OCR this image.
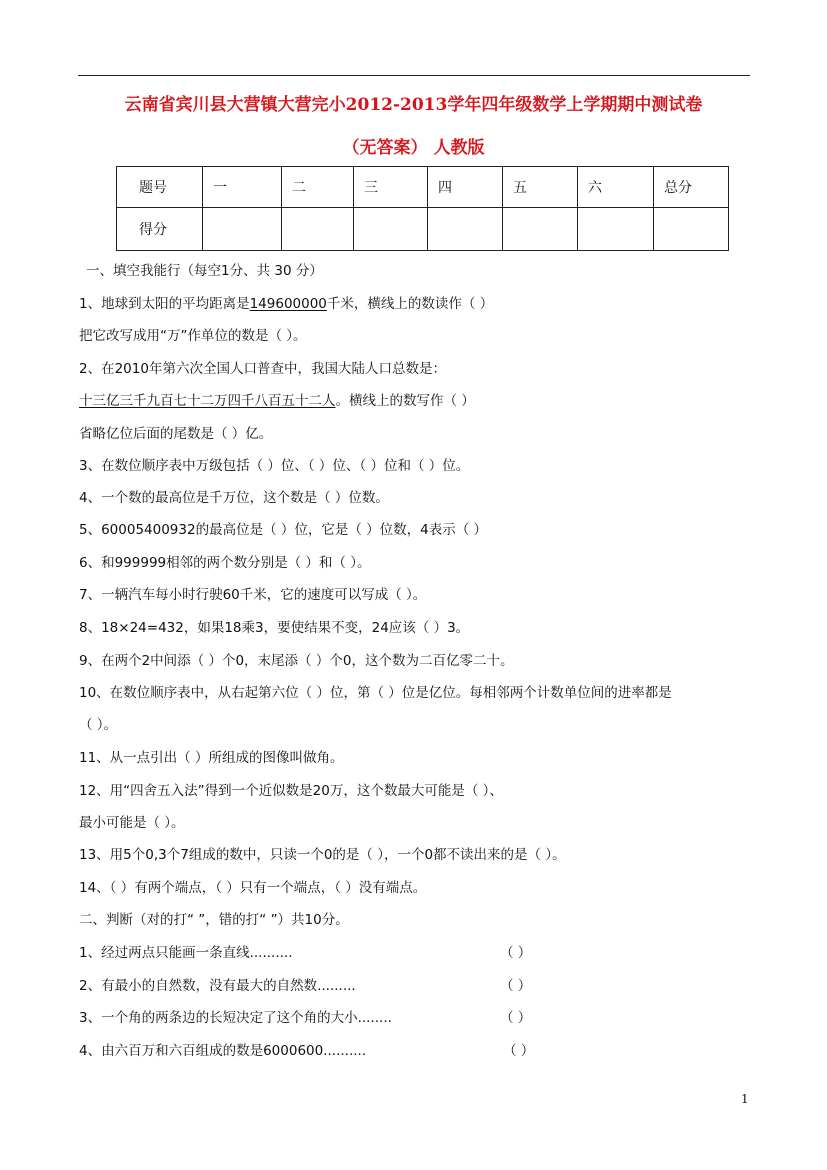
云南省宾川县大营镇大营完小2012-2013学年四年级数学上学期期中测试卷
（无答案） 人教版
题号	一	二	三	四	五	六	总分
得分							
一、填空我能行（每空1分、共 30 分）
1、地球到太阳的平均距离是149600000千米，横线上的数读作（ ）
把它改写成用“万”作单位的数是（ ）。
2、在2010年第六次全国人口普查中，我国大陆人口总数是：
十三亿三千九百七十二万四千八百五十二人。横线上的数写作（ ）
省略亿位后面的尾数是（ ）亿。
3、在数位顺序表中万级包括（ ）位、（ ）位、（ ）位和（ ）位。
4、一个数的最高位是千万位，这个数是（ ）位数。
5、6000540093​2的最高位是（ ）位，它是（ ）位数，4表示（ ）
6、和999999相邻的两个数分别是（ ）和（ ）。
7、一辆汽车每小时行驶60千米，它的速度可以写成（ ）。
8、18×24=432，如果18乘3，要使结果不变，24应该（ ）3。
9、在两个2中间添（ ）个0，末尾添（ ）个0，这个数为二百亿零二十。
10、在数位顺序表中，从右起第六位（ ）位，第（ ）位是亿位。每相邻两个计数单位间的进率都是
（ ）。
11、从一点引出（ ）所组成的图像叫做角。
12、用“四舍五入法”得到一个近似数是20万，这个数最大可能是（ ）、
最小可能是（ ）。
13、用5个0,3个7组成的数中，只读一个0的是（ ），一个0都不读出来的是（ ）。
14、（ ）有两个端点，（ ）只有一个端点，（ ）没有端点。
二、判断（对的打“ ”，错的打“ ”）共10分。
1、经过两点只能画一条直线..........	（ ）
2、有最小的自然数，没有最大的自然数.........	（ ）
3、一个角的两条边的长短决定了这个角的大小........	（ ）
4、由六百万和六百组成的数是6000600..........	（ ）
1
